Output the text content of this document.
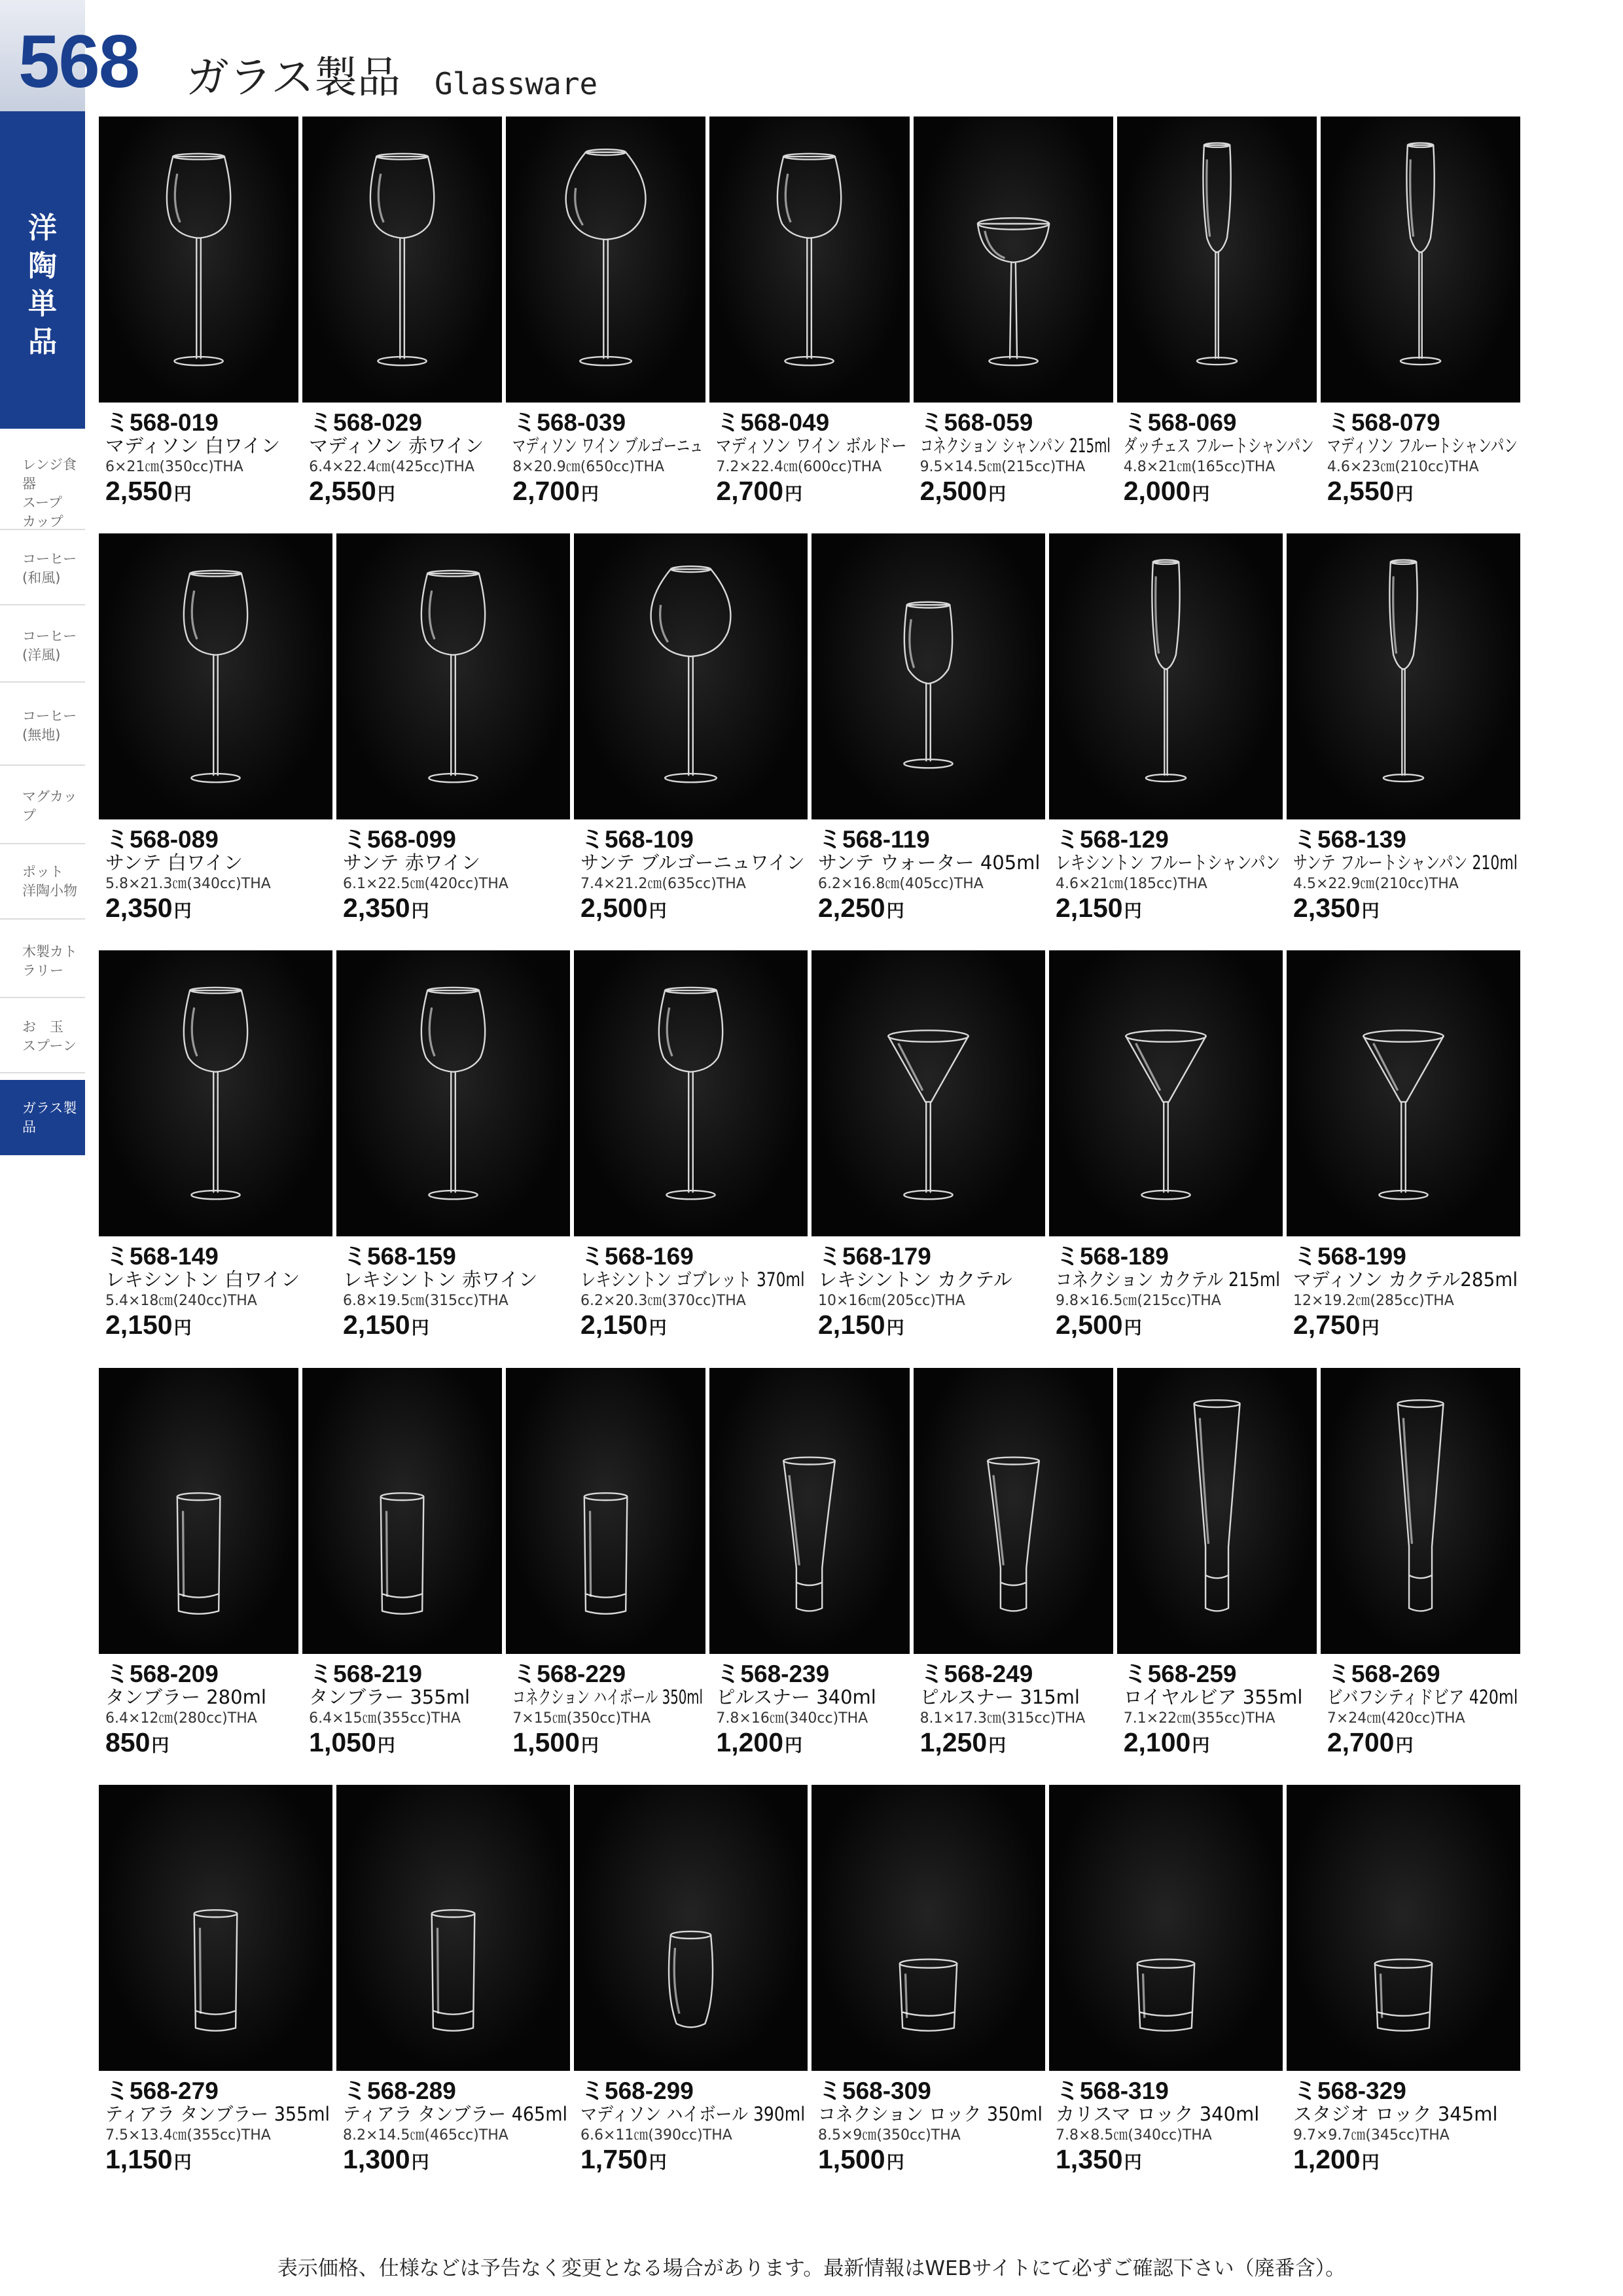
568 ガラス製品 Glassware
洋陶単品
レンジ食器
スープ
カップ
コーヒー
(和風)
コーヒー
(洋風)
コーヒー
(無地)
マグカップ
ポット
洋陶小物
木製カトラリー
お　玉
スプーン
ガラス製品
ミ568-019
マディソン 白ワイン
6×21㎝(350cc)THA
2,550円
ミ568-029
マディソン 赤ワイン
6.4×22.4㎝(425cc)THA
2,550円
ミ568-039
マディソン ワイン ブルゴーニュ
8×20.9㎝(650cc)THA
2,700円
ミ568-049
マディソン ワイン ボルドー
7.2×22.4㎝(600cc)THA
2,700円
ミ568-059
コネクション シャンパン 215ml
9.5×14.5㎝(215cc)THA
2,500円
ミ568-069
ダッチェス フルートシャンパン
4.8×21㎝(165cc)THA
2,000円
ミ568-079
マディソン フルートシャンパン
4.6×23㎝(210cc)THA
2,550円
ミ568-089
サンテ 白ワイン
5.8×21.3㎝(340cc)THA
2,350円
ミ568-099
サンテ 赤ワイン
6.1×22.5㎝(420cc)THA
2,350円
ミ568-109
サンテ ブルゴーニュワイン
7.4×21.2㎝(635cc)THA
2,500円
ミ568-119
サンテ ウォーター 405ml
6.2×16.8㎝(405cc)THA
2,250円
ミ568-129
レキシントン フルートシャンパン
4.6×21㎝(185cc)THA
2,150円
ミ568-139
サンテ フルートシャンパン 210ml
4.5×22.9㎝(210cc)THA
2,350円
ミ568-149
レキシントン 白ワイン
5.4×18㎝(240cc)THA
2,150円
ミ568-159
レキシントン 赤ワイン
6.8×19.5㎝(315cc)THA
2,150円
ミ568-169
レキシントン ゴブレット 370ml
6.2×20.3㎝(370cc)THA
2,150円
ミ568-179
レキシントン カクテル
10×16㎝(205cc)THA
2,150円
ミ568-189
コネクション カクテル 215ml
9.8×16.5㎝(215cc)THA
2,500円
ミ568-199
マディソン カクテル285ml
12×19.2㎝(285cc)THA
2,750円
ミ568-209
タンブラー 280ml
6.4×12㎝(280cc)THA
850円
ミ568-219
タンブラー 355ml
6.4×15㎝(355cc)THA
1,050円
ミ568-229
コネクション ハイボール 350ml
7×15㎝(350cc)THA
1,500円
ミ568-239
ピルスナー 340ml
7.8×16㎝(340cc)THA
1,200円
ミ568-249
ピルスナー 315ml
8.1×17.3㎝(315cc)THA
1,250円
ミ568-259
ロイヤルビア 355ml
7.1×22㎝(355cc)THA
2,100円
ミ568-269
ビバフシティドビア 420ml
7×24㎝(420cc)THA
2,700円
ミ568-279
ティアラ タンブラー 355ml
7.5×13.4㎝(355cc)THA
1,150円
ミ568-289
ティアラ タンブラー 465ml
8.2×14.5㎝(465cc)THA
1,300円
ミ568-299
マディソン ハイボール 390ml
6.6×11㎝(390cc)THA
1,750円
ミ568-309
コネクション ロック 350ml
8.5×9㎝(350cc)THA
1,500円
ミ568-319
カリスマ ロック 340ml
7.8×8.5㎝(340cc)THA
1,350円
ミ568-329
スタジオ ロック 345ml
9.7×9.7㎝(345cc)THA
1,200円
表示価格、仕様などは予告なく変更となる場合があります。最新情報はWEBサイトにて必ずご確認下さい（廃番含）。
